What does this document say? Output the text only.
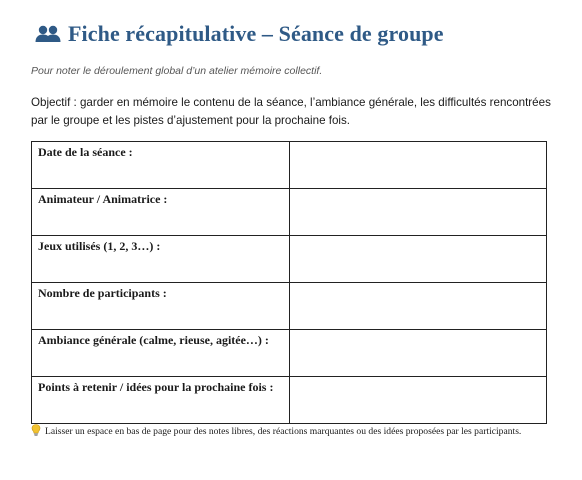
Fiche récapitulative – Séance de groupe
Pour noter le déroulement global d’un atelier mémoire collectif.
Objectif : garder en mémoire le contenu de la séance, l’ambiance générale, les difficultés rencontrées par le groupe et les pistes d’ajustement pour la prochaine fois.
Date de la séance :	
Animateur / Animatrice :	
Jeux utilisés (1, 2, 3…) :	
Nombre de participants :	
Ambiance générale (calme, rieuse, agitée…) :	
Points à retenir / idées pour la prochaine fois :	
Laisser un espace en bas de page pour des notes libres, des réactions marquantes ou des idées proposées par les participants.
